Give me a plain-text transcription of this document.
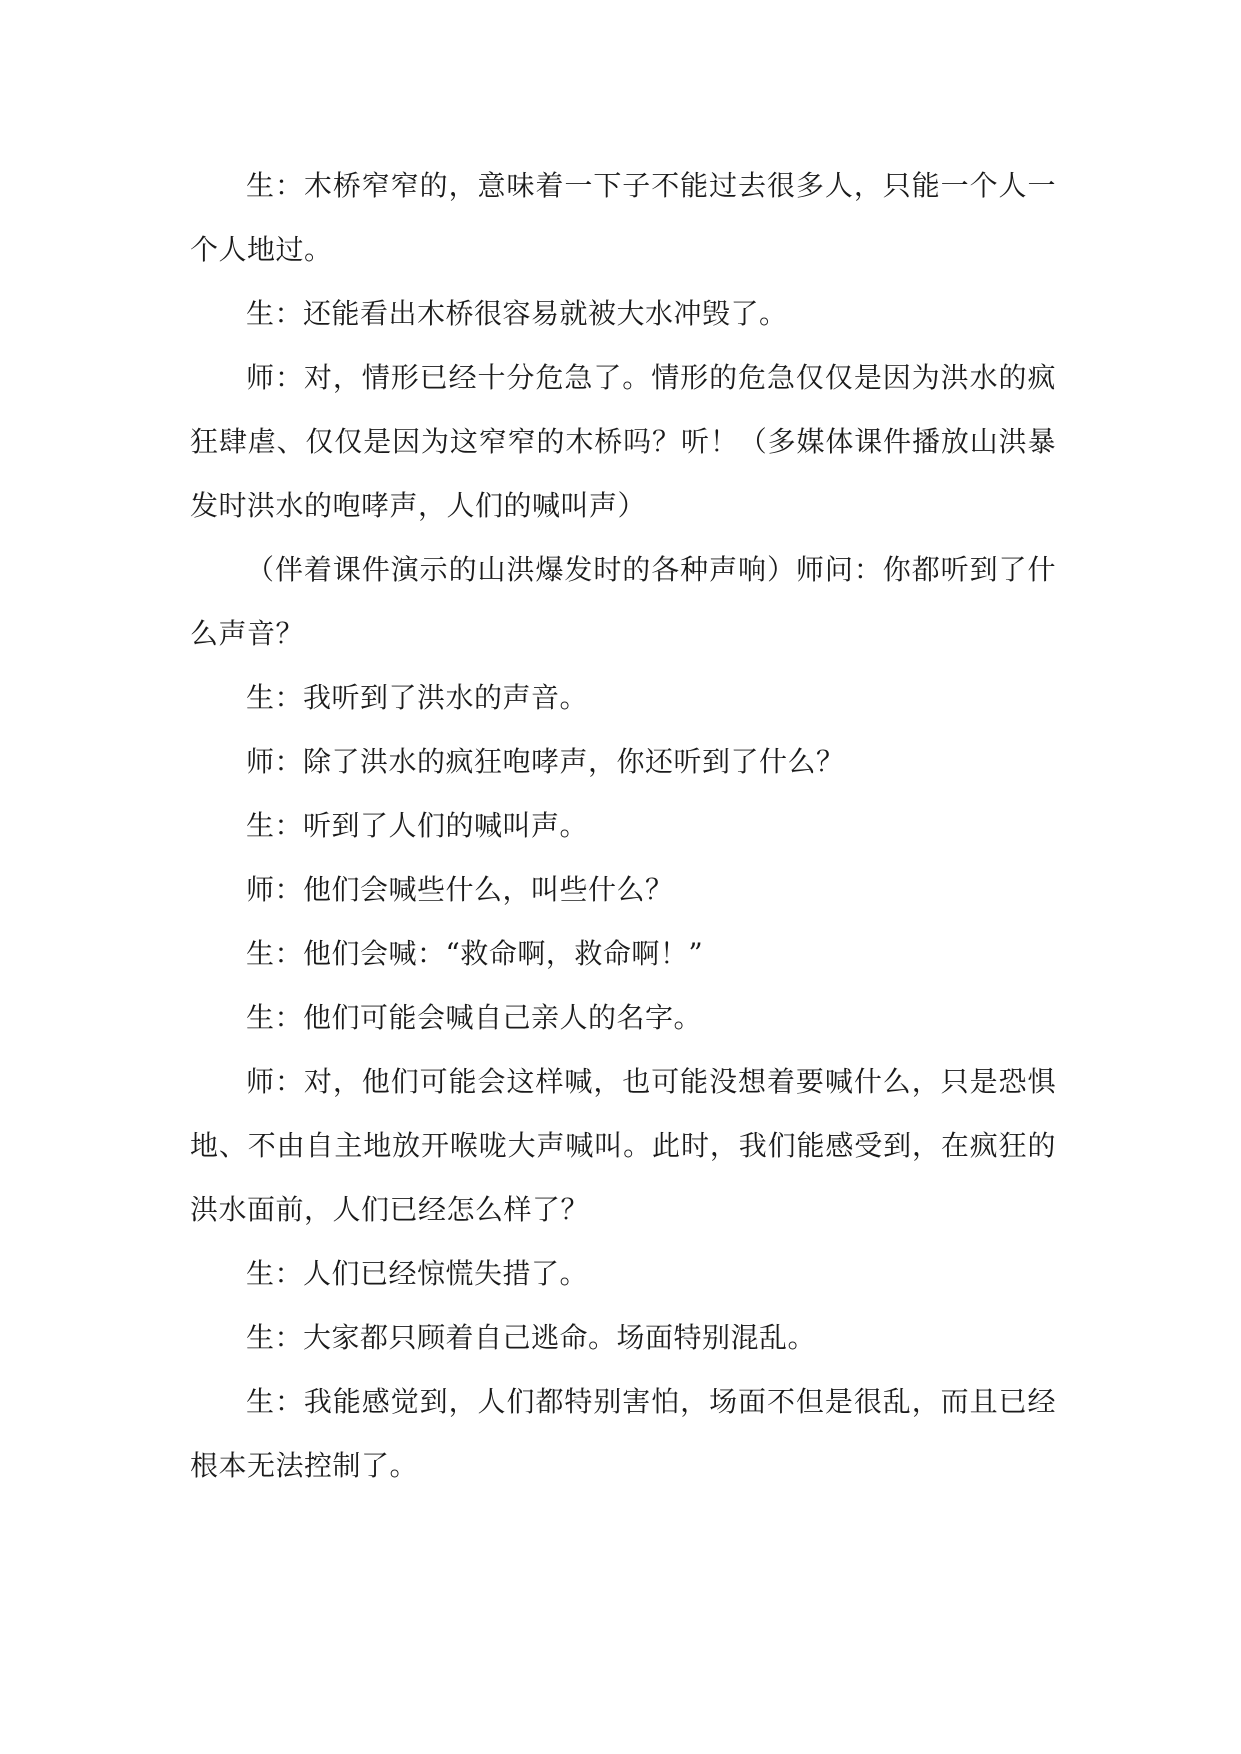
生：木桥窄窄的，意味着一下子不能过去很多人，只能一个人一个人地过。

生：还能看出木桥很容易就被大水冲毁了。

师：对，情形已经十分危急了。情形的危急仅仅是因为洪水的疯狂肆虐、仅仅是因为这窄窄的木桥吗？听！（多媒体课件播放山洪暴发时洪水的咆哮声，人们的喊叫声）

（伴着课件演示的山洪爆发时的各种声响）师问：你都听到了什么声音？

生：我听到了洪水的声音。

师：除了洪水的疯狂咆哮声，你还听到了什么？

生：听到了人们的喊叫声。

师：他们会喊些什么，叫些什么？

生：他们会喊：“救命啊，救命啊！”

生：他们可能会喊自己亲人的名字。

师：对，他们可能会这样喊，也可能没想着要喊什么，只是恐惧地、不由自主地放开喉咙大声喊叫。此时，我们能感受到，在疯狂的洪水面前，人们已经怎么样了？

生：人们已经惊慌失措了。

生：大家都只顾着自己逃命。场面特别混乱。

生：我能感觉到，人们都特别害怕，场面不但是很乱，而且已经根本无法控制了。
